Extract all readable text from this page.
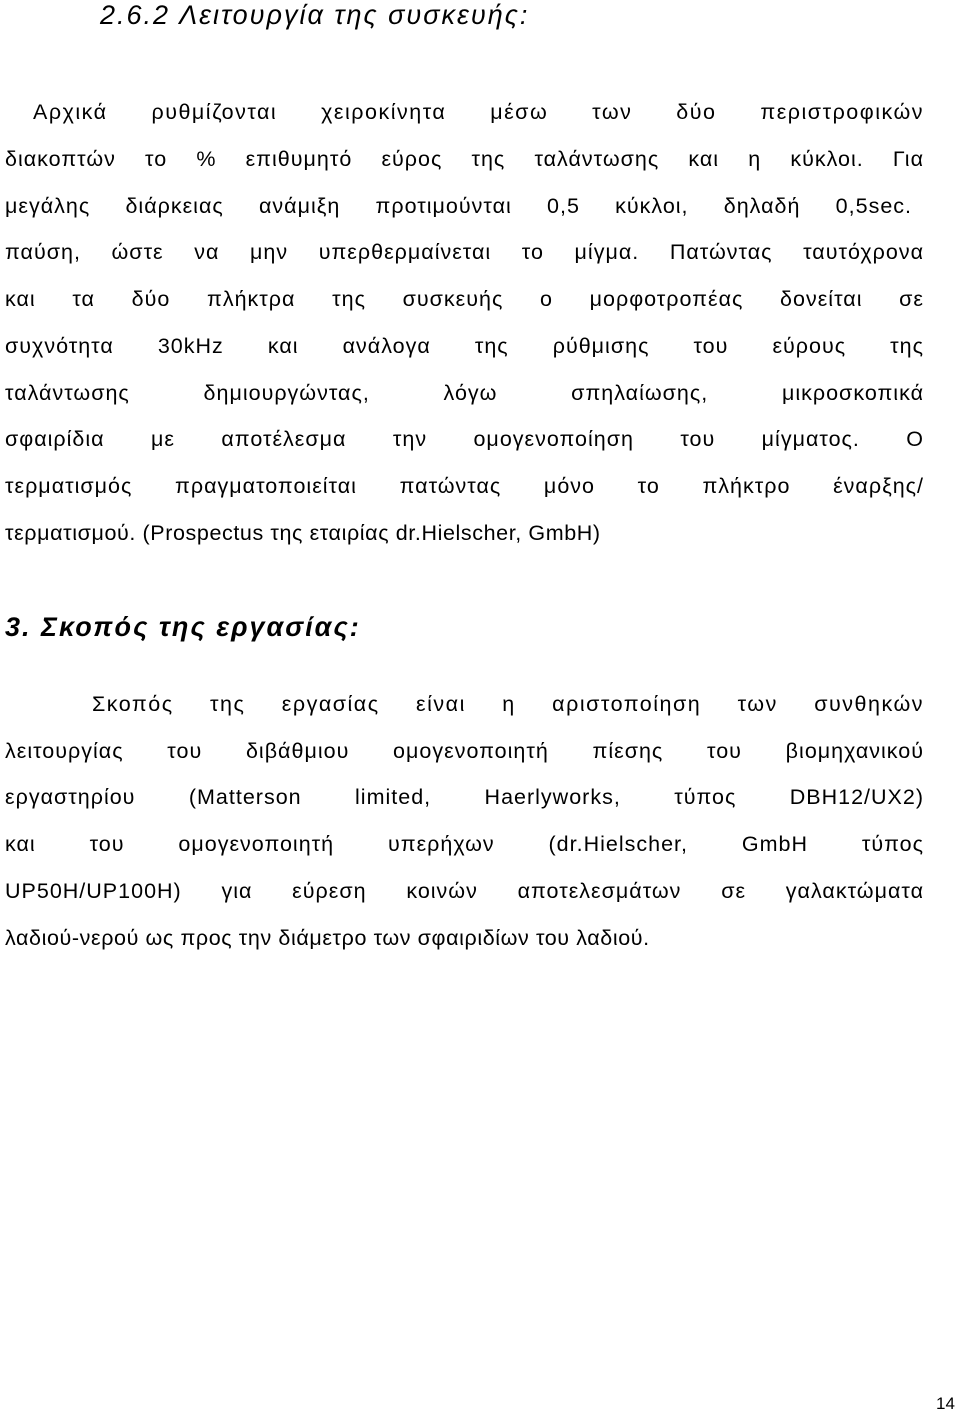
2.6.2 Λειτουργία της συσκευής:

Αρχικά ρυθμίζονται χειροκίνητα μέσω των δύο περιστροφικών

διακοπτών το % επιθυμητό εύρος της ταλάντωσης και η κύκλοι. Για

μεγάλης διάρκειας ανάμιξη προτιμούνται 0,5 κύκλοι, δηλαδή 0,5sec.

παύση, ώστε να μην υπερθερμαίνεται το μίγμα. Πατώντας ταυτόχρονα

και τα δύο πλήκτρα της συσκευής ο μορφοτροπέας δονείται σε

συχνότητα 30kHz και ανάλογα της ρύθμισης του εύρους της

ταλάντωσης δημιουργώντας, λόγω σπηλαίωσης, μικροσκοπικά

σφαιρίδια με αποτέλεσμα την ομογενοποίηση του μίγματος. Ο

τερματισμός πραγματοποιείται πατώντας μόνο το πλήκτρο έναρξης/

τερματισμού. (Prospectus της εταιρίας dr.Hielscher, GmbH)

3. Σκοπός της εργασίας:

Σκοπός της εργασίας είναι η αριστοποίηση των συνθηκών

λειτουργίας του διβάθμιου ομογενοποιητή πίεσης του βιομηχανικού

εργαστηρίου (Matterson limited, Haerlyworks, τύπος DBH12/UX2)

και του ομογενοποιητή υπερήχων (dr.Hielscher, GmbH τύπος

UP50H/UP100H) για εύρεση κοινών αποτελεσμάτων σε γαλακτώματα

λαδιού-νερού ως προς την διάμετρο των σφαιριδίων του λαδιού.

14
